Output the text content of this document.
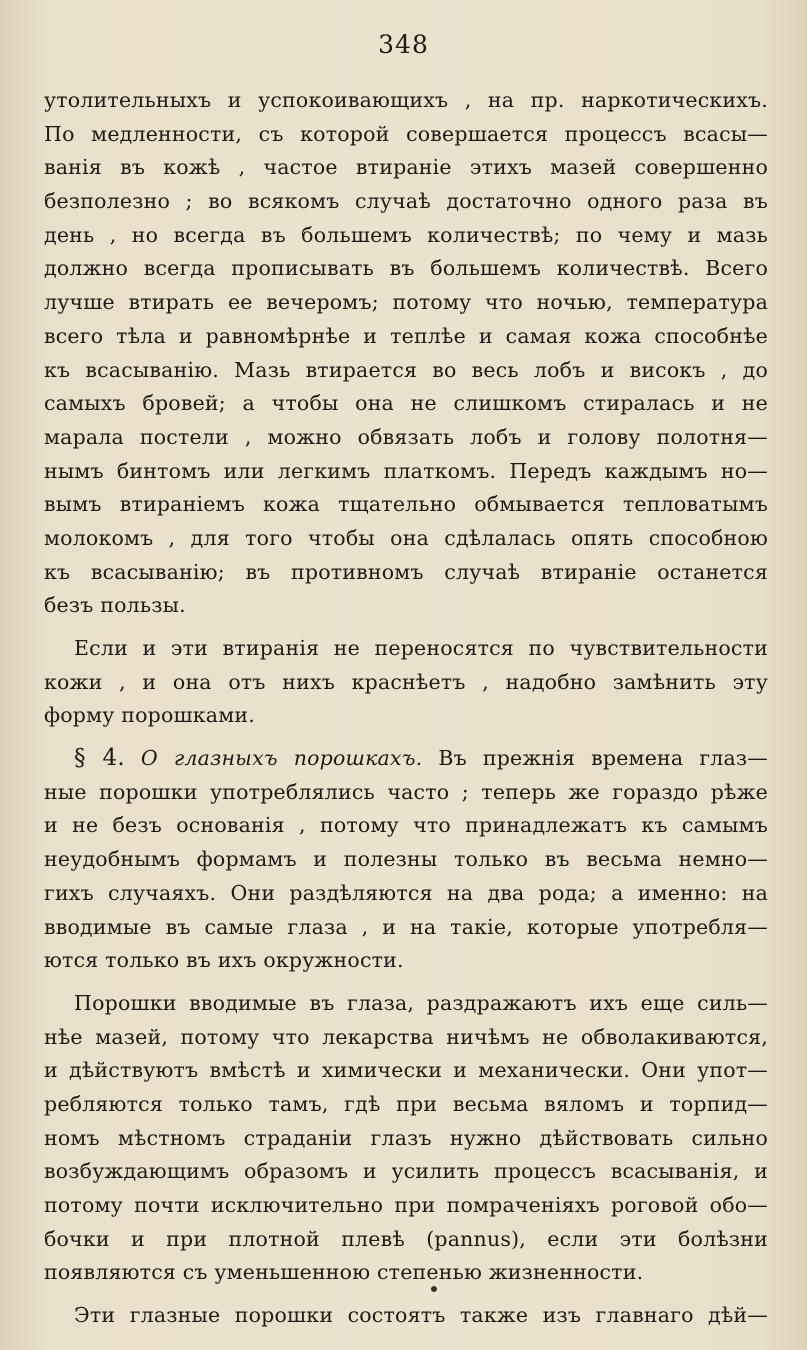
348
утолительныхъ и успокоивающихъ , на пр. наркотическихъ.
По медленности, съ которой совершается процессъ всасы—
ванія въ кожѣ , частое втираніе этихъ мазей совершенно
безполезно ; во всякомъ случаѣ достаточно одного раза въ
день , но всегда въ большемъ количествѣ; по чему и мазь
должно всегда прописывать въ большемъ количествѣ. Всего
лучше втирать ее вечеромъ; потому что ночью, температура
всего тѣла и равномѣрнѣе и теплѣе и самая кожа способнѣе
къ всасыванію. Мазь втирается во весь лобъ и високъ , до
самыхъ бровей; а чтобы она не слишкомъ стиралась и не
марала постели , можно обвязать лобъ и голову полотня—
нымъ бинтомъ или легкимъ платкомъ. Передъ каждымъ но—
вымъ втираніемъ кожа тщательно обмывается тепловатымъ
молокомъ , для того чтобы она сдѣлалась опять способною
къ всасыванію; въ противномъ случаѣ втираніе останется
безъ пользы.
Если и эти втиранія не переносятся по чувствительности
кожи , и она отъ нихъ краснѣетъ , надобно замѣнить эту
форму порошками.
§ 4. О глазныхъ порошкахъ. Въ прежнія времена глаз—
ные порошки употреблялись часто ; теперь же гораздо рѣже
и не безъ основанія , потому что принадлежатъ къ самымъ
неудобнымъ формамъ и полезны только въ весьма немно—
гихъ случаяхъ. Они раздѣляются на два рода; а именно: на
вводимые въ самые глаза , и на такіе, которые употребля—
ются только въ ихъ окружности.
Порошки вводимые въ глаза, раздражаютъ ихъ еще силь—
нѣе мазей, потому что лекарства ничѣмъ не обволакиваются,
и дѣйствуютъ вмѣстѣ и химически и механически. Они упот—
ребляются только тамъ, гдѣ при весьма вяломъ и торпид—
номъ мѣстномъ страданіи глазъ нужно дѣйствовать сильно
возбуждающимъ образомъ и усилить процессъ всасыванія, и
потому почти исключительно при помраченіяхъ роговой обо—
бочки и при плотной плевѣ (pannus), если эти болѣзни
появляются съ уменьшенною степенью жизненности.
Эти глазные порошки состоятъ также изъ главнаго дѣй—
